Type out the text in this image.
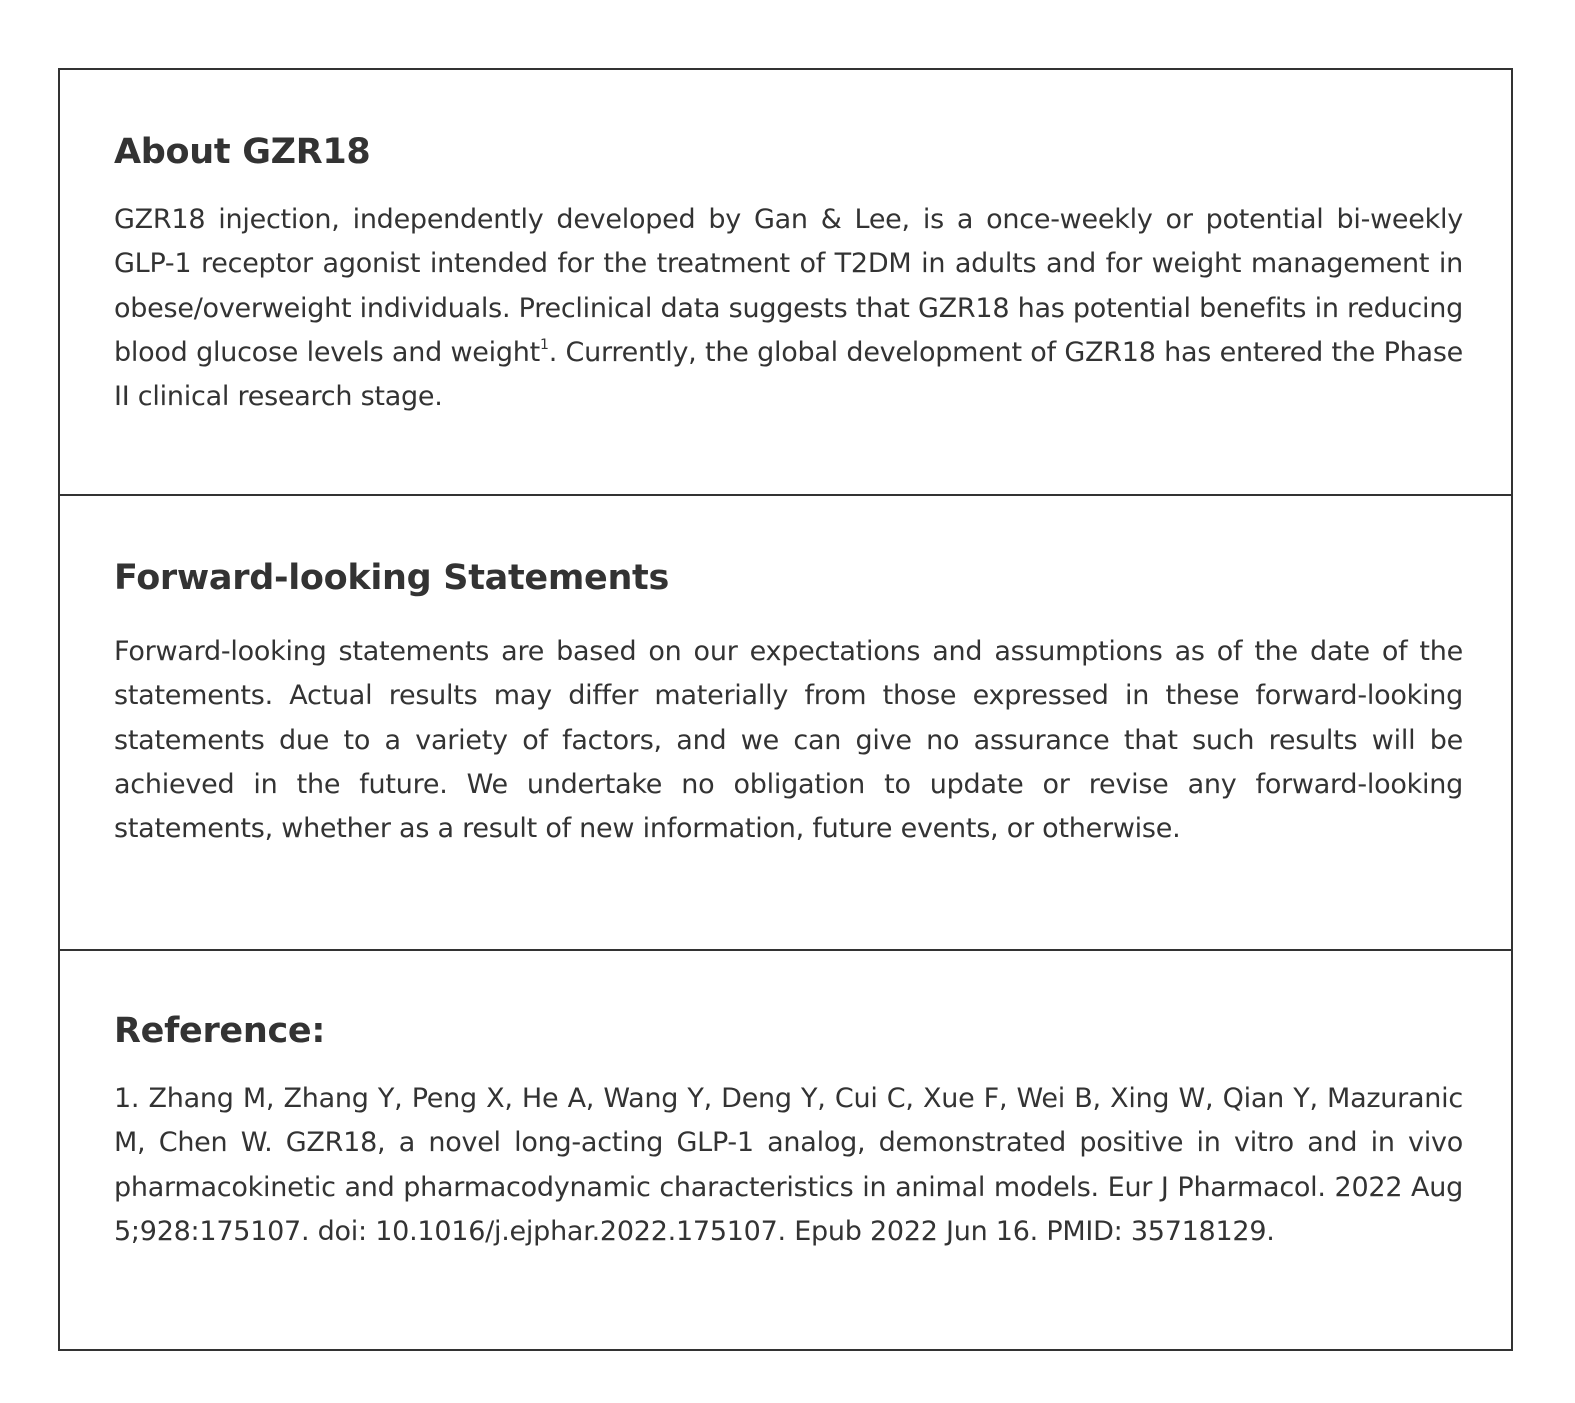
About GZR18

GZR18 injection, independently developed by Gan & Lee, is a once-weekly or potential bi-weekly GLP-1 receptor agonist intended for the treatment of T2DM in adults and for weight management in obese/overweight individuals. Preclinical data suggests that GZR18 has potential benefits in reducing blood glucose levels and weight$^1$. Currently, the global development of GZR18 has entered the Phase II clinical research stage.

Forward-looking Statements

Forward-looking statements are based on our expectations and assumptions as of the date of the statements. Actual results may differ materially from those expressed in these forward-looking statements due to a variety of factors, and we can give no assurance that such results will be achieved in the future. We undertake no obligation to update or revise any forward-looking statements, whether as a result of new information, future events, or otherwise.

Reference:

1. Zhang M, Zhang Y, Peng X, He A, Wang Y, Deng Y, Cui C, Xue F, Wei B, Xing W, Qian Y, Mazuranic M, Chen W. GZR18, a novel long-acting GLP-1 analog, demonstrated positive in vitro and in vivo pharmacokinetic and pharmacodynamic characteristics in animal models. Eur J Pharmacol. 2022 Aug 5;928:175107. doi: 10.1016/j.ejphar.2022.175107. Epub 2022 Jun 16. PMID: 35718129.
